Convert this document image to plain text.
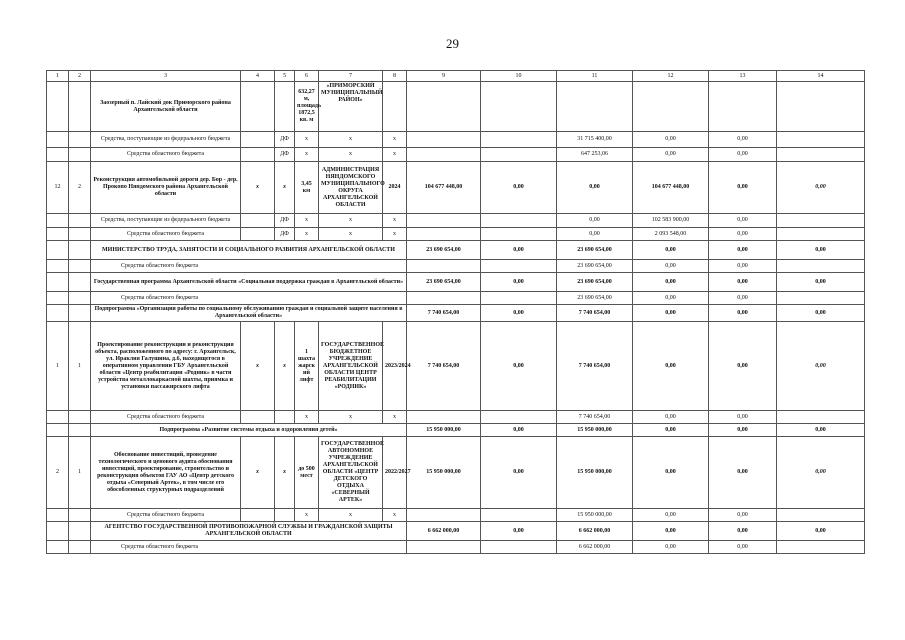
29
1	2	3	4	5	6	7	8	9	10	11	12	13	14
		Заозерный п. Лайский док Приморского района Архангельской области			632,27 м, площадь 1872,5 кв. м	«ПРИМОРСКИЙ МУНИЦИПАЛЬНЫЙ РАЙОН»							
		Средства, поступающие из федерального бюджета		ДФ	х	х	х			31 715 400,00	0,00	0,00	
		Средства областного бюджета		ДФ	х	х	х			647 253,06	0,00	0,00	
12	2	Реконструкция автомобильной дороги дер. Бор - дер. Прокопо Няндомского района Архангельской области	х	х	3,45 км	АДМИНИСТРАЦИЯ НЯНДОМСКОГО МУНИЦИПАЛЬНОГО ОКРУГА АРХАНГЕЛЬСКОЙ ОБЛАСТИ	2024	104 677 448,00	0,00	0,00	104 677 448,00	0,00	0,00
		Средства, поступающие из федерального бюджета		ДФ	х	х	х			0,00	102 583 900,00	0,00	
		Средства областного бюджета		ДФ	х	х	х			0,00	2 093 548,00	0,00	
		МИНИСТЕРСТВО ТРУДА, ЗАНЯТОСТИ И СОЦИАЛЬНОГО РАЗВИТИЯ АРХАНГЕЛЬСКОЙ ОБЛАСТИ						23 690 654,00	0,00	23 690 654,00	0,00	0,00	0,00
		Средства областного бюджета								23 690 654,00	0,00	0,00	
		Государственная программа Архангельской области «Социальная поддержка граждан в Архангельской области»						23 690 654,00	0,00	23 690 654,00	0,00	0,00	0,00
		Средства областного бюджета								23 690 654,00	0,00	0,00	
		Подпрограмма «Организация работы по социальному обслуживанию граждан и социальной защите населения в Архангельской области»						7 740 654,00	0,00	7 740 654,00	0,00	0,00	0,00
1	1	Проектирование реконструкции и реконструкция объекта, расположенного по адресу: г. Архангельск, ул. Ираклия Галушина, д.6, находящегося в оперативном управлении ГБУ Архангельской области «Центр реабилитации «Родник» в части устройства металлокаркасной шахты, приямка и установки пассажирского лифта	х	х	1 шахта жарск ий лифт	ГОСУДАРСТВЕННОЕ БЮДЖЕТНОЕ УЧРЕЖДЕНИЕ АРХАНГЕЛЬСКОЙ ОБЛАСТИ ЦЕНТР РЕАБИЛИТАЦИИ «РОДНИК»	2023/2024	7 740 654,00	0,00	7 740 654,00	0,00	0,00	0,00
		Средства областного бюджета			х	х	х			7 740 654,00	0,00	0,00	
		Подпрограмма «Развитие системы отдыха и оздоровления детей»						15 950 000,00	0,00	15 950 000,00	0,00	0,00	0,00
2	1	Обоснование инвестиций, проведение технологического и ценового аудита обоснования инвестиций, проектирование, строительство и реконструкция объектов ГАУ АО «Центр детского отдыха «Северный Артек», в том числе его обособленных структурных подразделений	х	х	до 500 мест	ГОСУДАРСТВЕННОЕ АВТОНОМНОЕ УЧРЕЖДЕНИЕ АРХАНГЕЛЬСКОЙ ОБЛАСТИ «ЦЕНТР ДЕТСКОГО ОТДЫХА «СЕВЕРНЫЙ АРТЕК»	2022/2027	15 950 000,00	0,00	15 950 000,00	0,00	0,00	0,00
		Средства областного бюджета			х	х	х			15 950 000,00	0,00	0,00	
		АГЕНТСТВО ГОСУДАРСТВЕННОЙ ПРОТИВОПОЖАРНОЙ СЛУЖБЫ И ГРАЖДАНСКОЙ ЗАЩИТЫ АРХАНГЕЛЬСКОЙ ОБЛАСТИ						6 662 000,00	0,00	6 662 000,00	0,00	0,00	0,00
		Средства областного бюджета								6 662 000,00	0,00	0,00	
